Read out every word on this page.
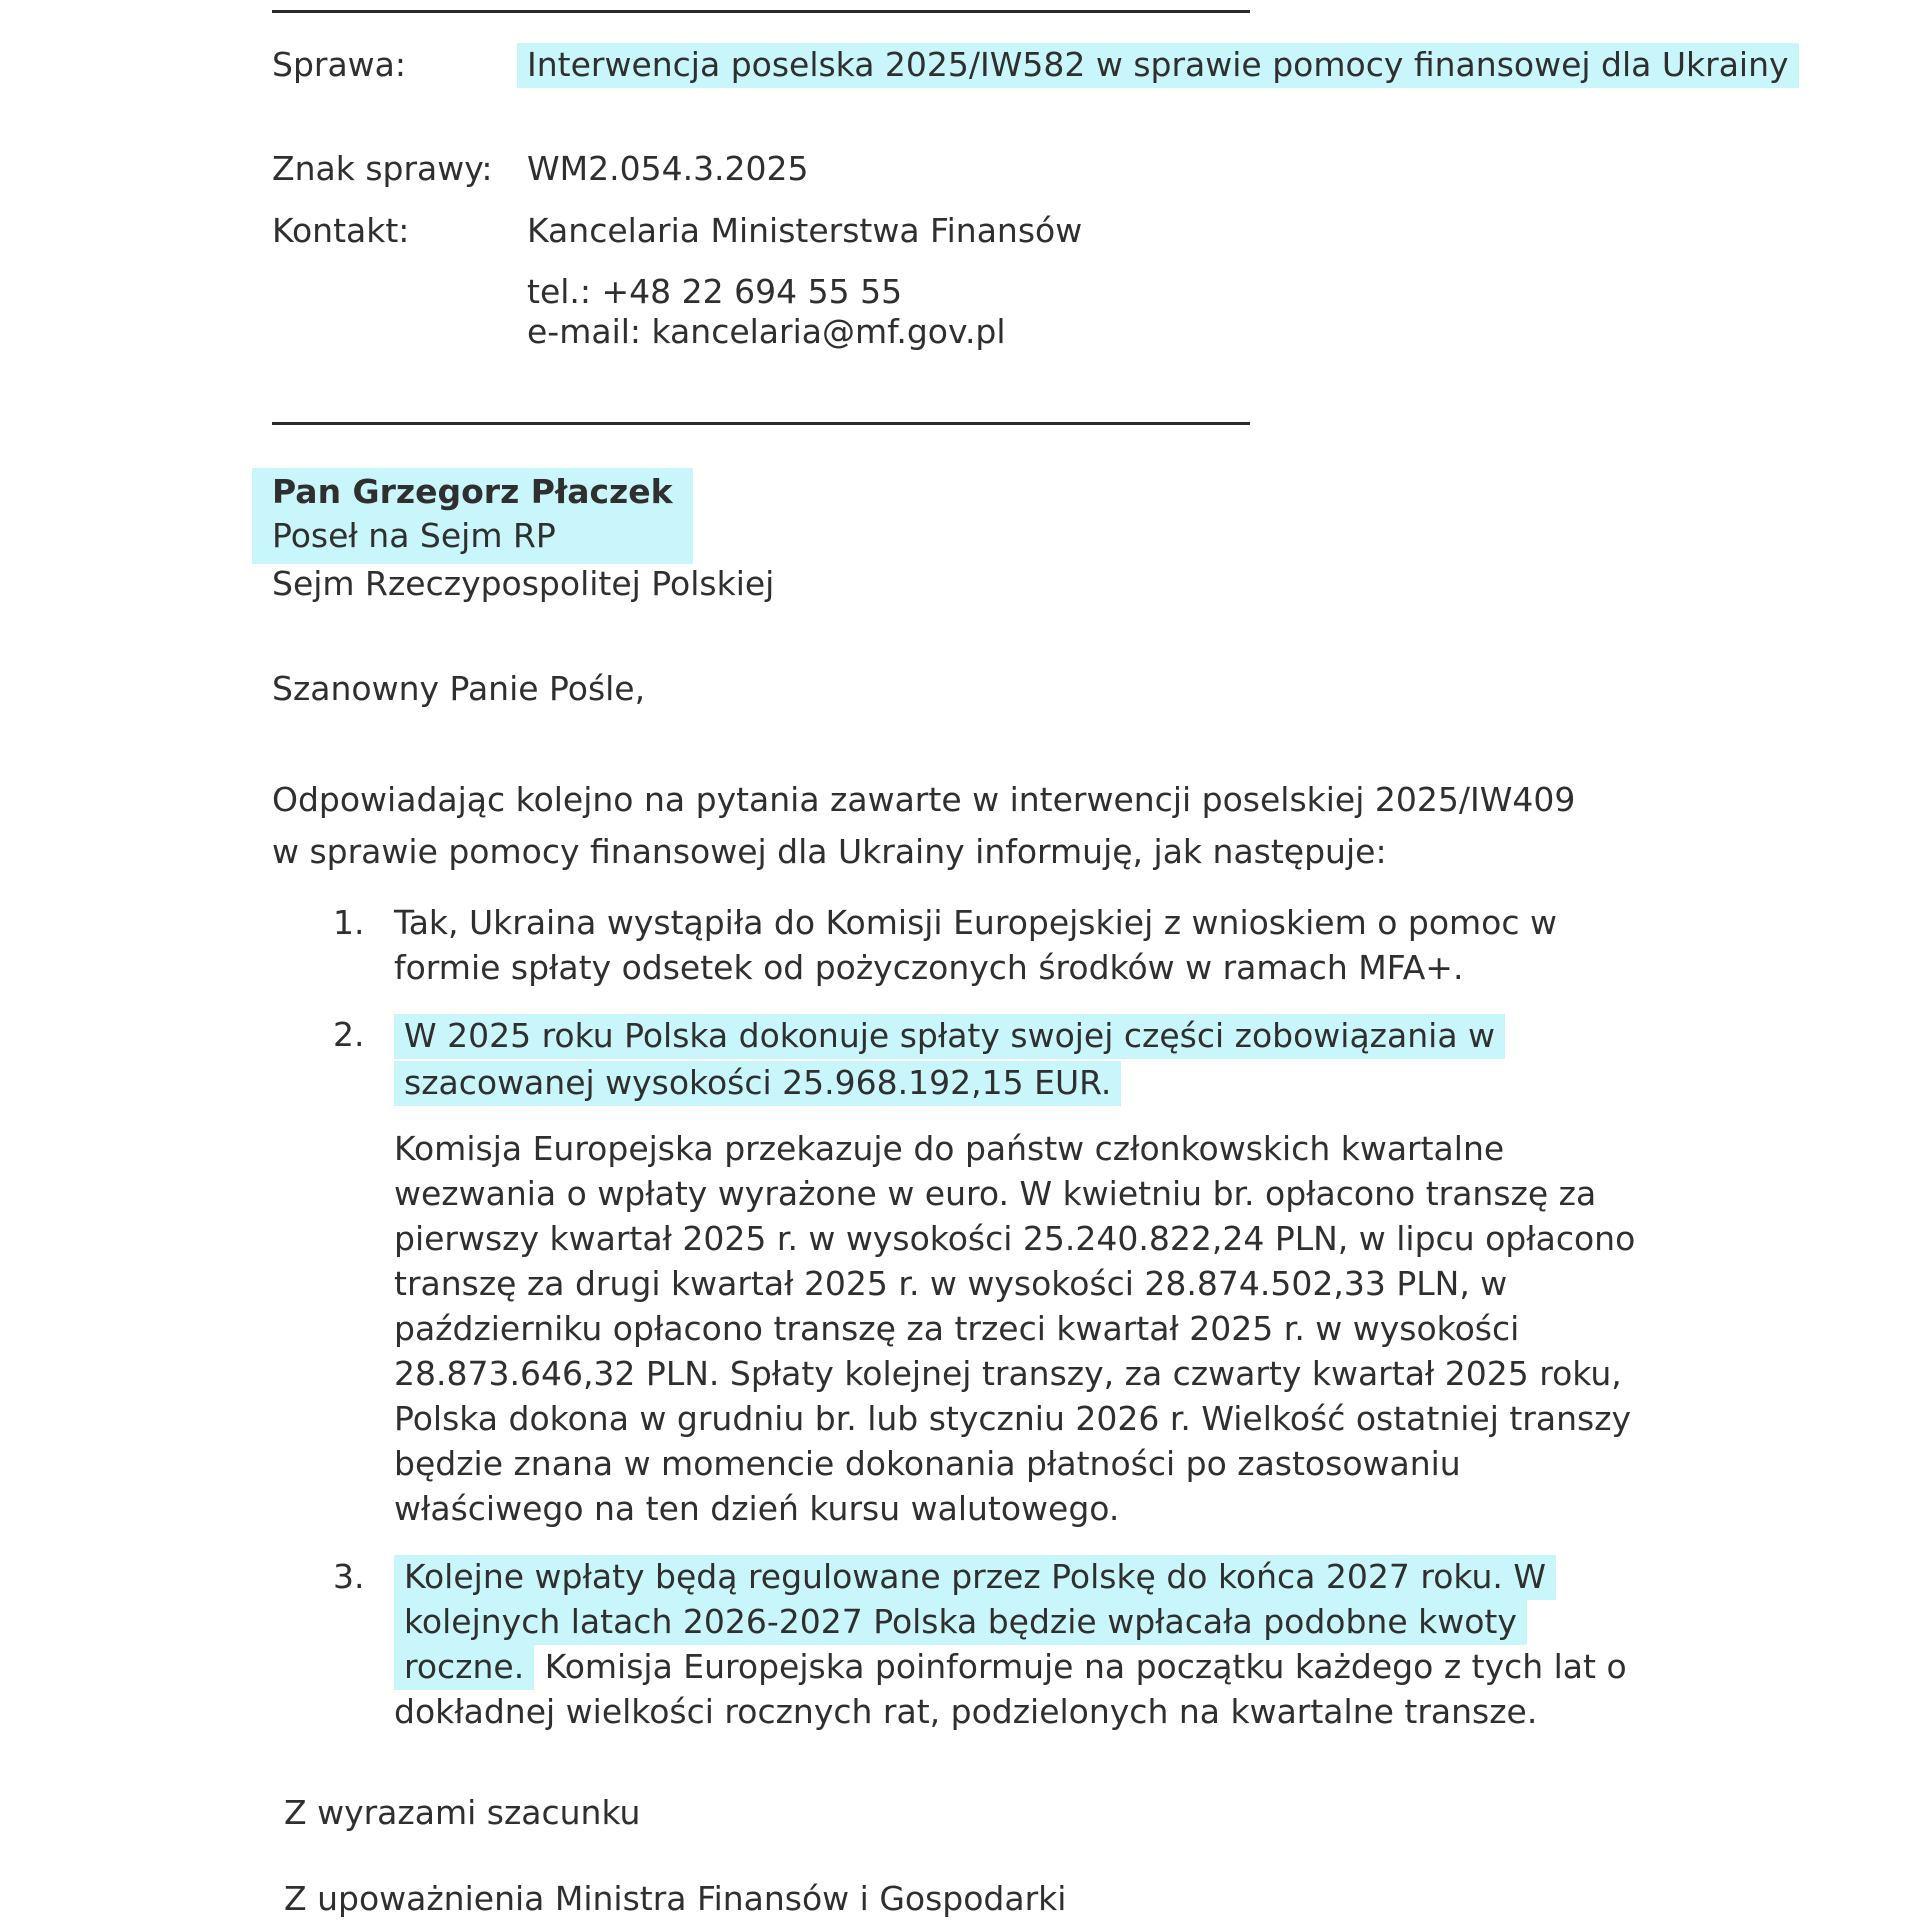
Sprawa:	Interwencja poselska 2025/IW582 w sprawie pomocy finansowej dla Ukrainy
Znak sprawy:	WM2.054.3.2025
Kontakt:	Kancelaria Ministerstwa Finansów
tel.: +48 22 694 55 55
e-mail: kancelaria@mf.gov.pl
Pan Grzegorz Płaczek
Poseł na Sejm RP
Sejm Rzeczypospolitej Polskiej
Szanowny Panie Pośle,
Odpowiadając kolejno na pytania zawarte w interwencji poselskiej 2025/IW409 w sprawie pomocy finansowej dla Ukrainy informuję, jak następuje:
1. Tak, Ukraina wystąpiła do Komisji Europejskiej z wnioskiem o pomoc w formie spłaty odsetek od pożyczonych środków w ramach MFA+.
2.	W 2025 roku Polska dokonuje spłaty swojej części zobowiązania w szacowanej wysokości 25.968.192,15 EUR.
Komisja Europejska przekazuje do państw członkowskich kwartalne wezwania o wpłaty wyrażone w euro. W kwietniu br. opłacono transzę za pierwszy kwartał 2025 r. w wysokości 25.240.822,24 PLN, w lipcu opłacono transzę za drugi kwartał 2025 r. w wysokości 28.874.502,33 PLN, w październiku opłacono transzę za trzeci kwartał 2025 r. w wysokości 28.873.646,32 PLN. Spłaty kolejnej transzy, za czwarty kwartał 2025 roku, Polska dokona w grudniu br. lub styczniu 2026 r. Wielkość ostatniej transzy będzie znana w momencie dokonania płatności po zastosowaniu właściwego na ten dzień kursu walutowego.
3.	Kolejne wpłaty będą regulowane przez Polskę do końca 2027 roku. W kolejnych latach 2026-2027 Polska będzie wpłacała podobne kwoty roczne. Komisja Europejska poinformuje na początku każdego z tych lat o dokładnej wielkości rocznych rat, podzielonych na kwartalne transze.
Z wyrazami szacunku
Z upoważnienia Ministra Finansów i Gospodarki
